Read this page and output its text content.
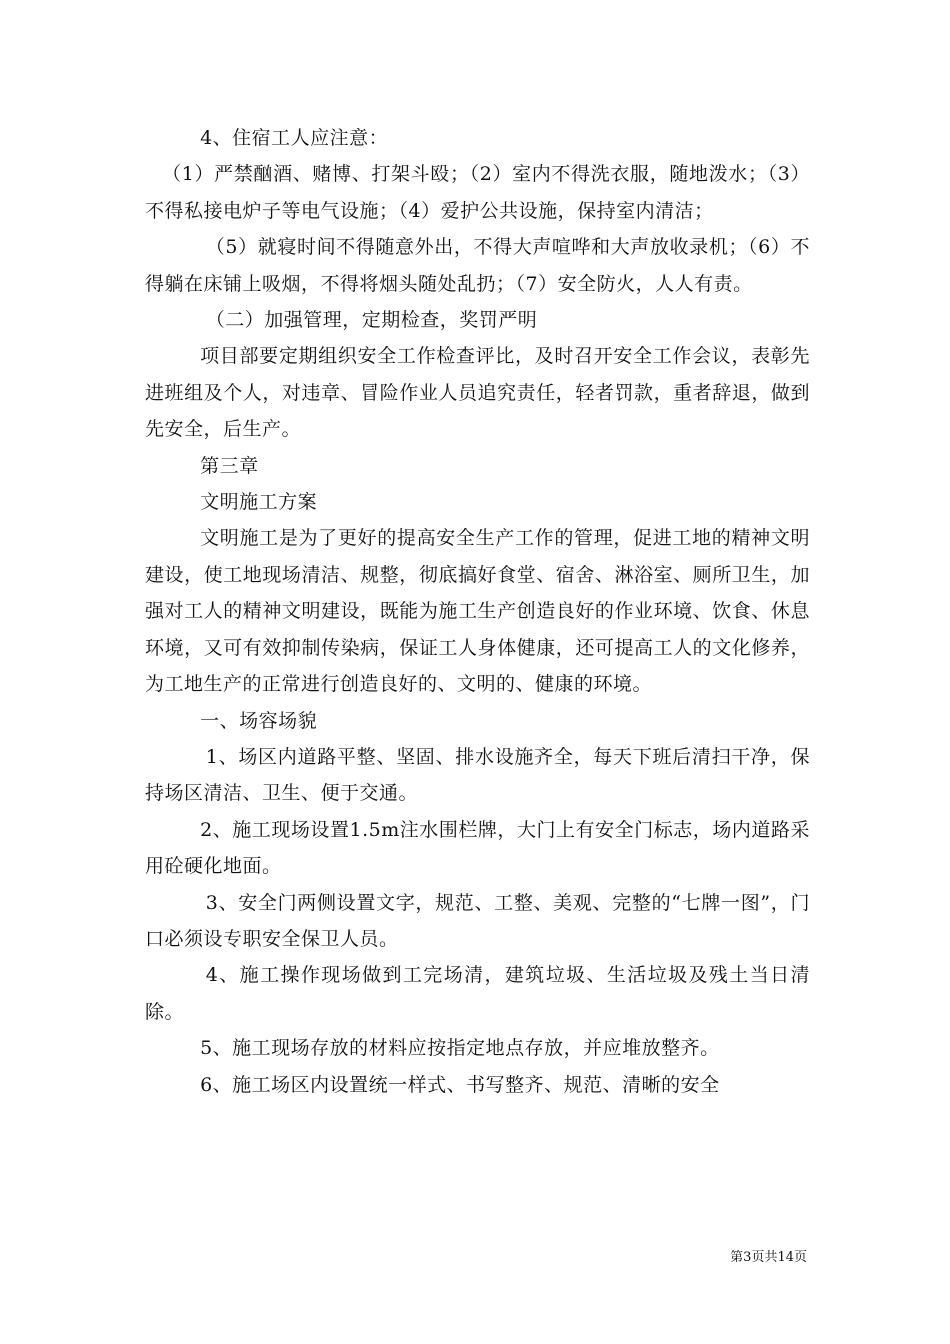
4、住宿工人应注意：

（1）严禁酗酒、赌博、打架斗殴；（2）室内不得洗衣服，随地泼水；（3）不得私接电炉子等电气设施；（4）爱护公共设施，保持室内清洁；

（5）就寝时间不得随意外出，不得大声喧哗和大声放收录机；（6）不得躺在床铺上吸烟，不得将烟头随处乱扔；（7）安全防火，人人有责。

（二）加强管理，定期检查，奖罚严明

项目部要定期组织安全工作检查评比，及时召开安全工作会议，表彰先进班组及个人，对违章、冒险作业人员追究责任，轻者罚款，重者辞退，做到先安全，后生产。

第三章

文明施工方案

文明施工是为了更好的提高安全生产工作的管理，促进工地的精神文明建设，使工地现场清洁、规整，彻底搞好食堂、宿舍、淋浴室、厕所卫生，加强对工人的精神文明建设，既能为施工生产创造良好的作业环境、饮食、休息环境，又可有效抑制传染病，保证工人身体健康，还可提高工人的文化修养，为工地生产的正常进行创造良好的、文明的、健康的环境。

一、场容场貌

1、场区内道路平整、坚固、排水设施齐全，每天下班后清扫干净，保持场区清洁、卫生、便于交通。

2、施工现场设置1.5m注水围栏牌，大门上有安全门标志，场内道路采用砼硬化地面。

3、安全门两侧设置文字，规范、工整、美观、完整的“七牌一图”，门口必须设专职安全保卫人员。

4、施工操作现场做到工完场清，建筑垃圾、生活垃圾及残土当日清除。

5、施工现场存放的材料应按指定地点存放，并应堆放整齐。

6、施工场区内设置统一样式、书写整齐、规范、清晰的安全

第3页共14页
